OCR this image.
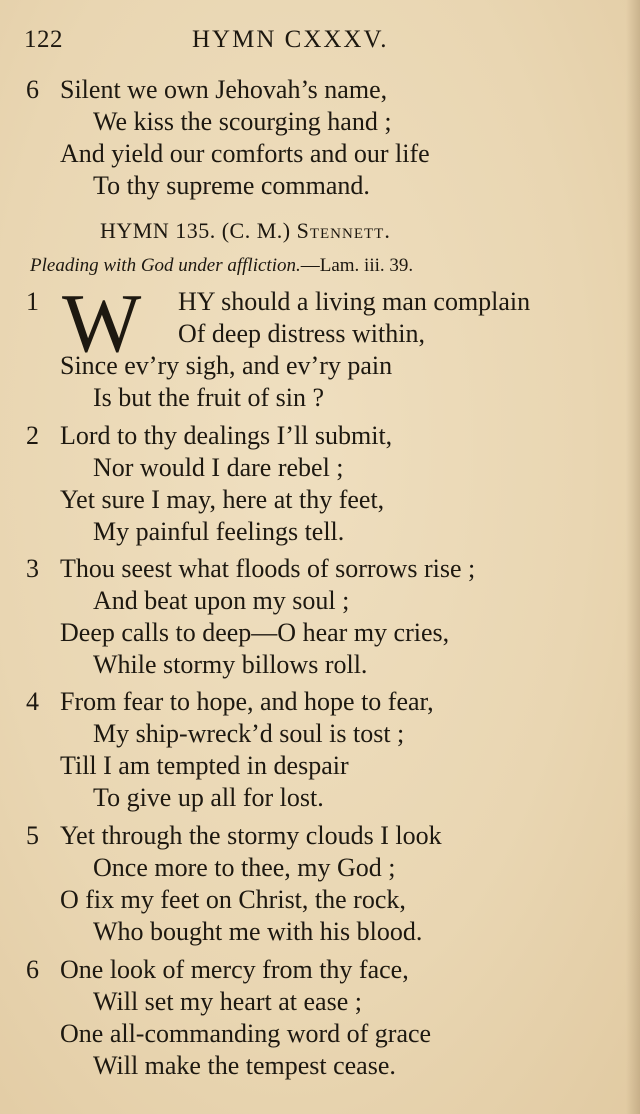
122	HYMN CXXXV.
6 Silent we own Jehovah’s name,
We kiss the scourging hand ;
And yield our comforts and our life
To thy supreme command.
HYMN 135. (C. M.) Stennett.
Pleading with God under affliction.—Lam. iii. 39.
1 W HY should a living man complain
Of deep distress within,
Since ev’ry sigh, and ev’ry pain
Is but the fruit of sin ?
2 Lord to thy dealings I’ll submit,
Nor would I dare rebel ;
Yet sure I may, here at thy feet,
My painful feelings tell.
3 Thou seest what floods of sorrows rise ;
And beat upon my soul ;
Deep calls to deep—O hear my cries,
While stormy billows roll.
4 From fear to hope, and hope to fear,
My ship-wreck’d soul is tost ;
Till I am tempted in despair
To give up all for lost.
5 Yet through the stormy clouds I look
Once more to thee, my God ;
O fix my feet on Christ, the rock,
Who bought me with his blood.
6 One look of mercy from thy face,
Will set my heart at ease ;
One all-commanding word of grace
Will make the tempest cease.
